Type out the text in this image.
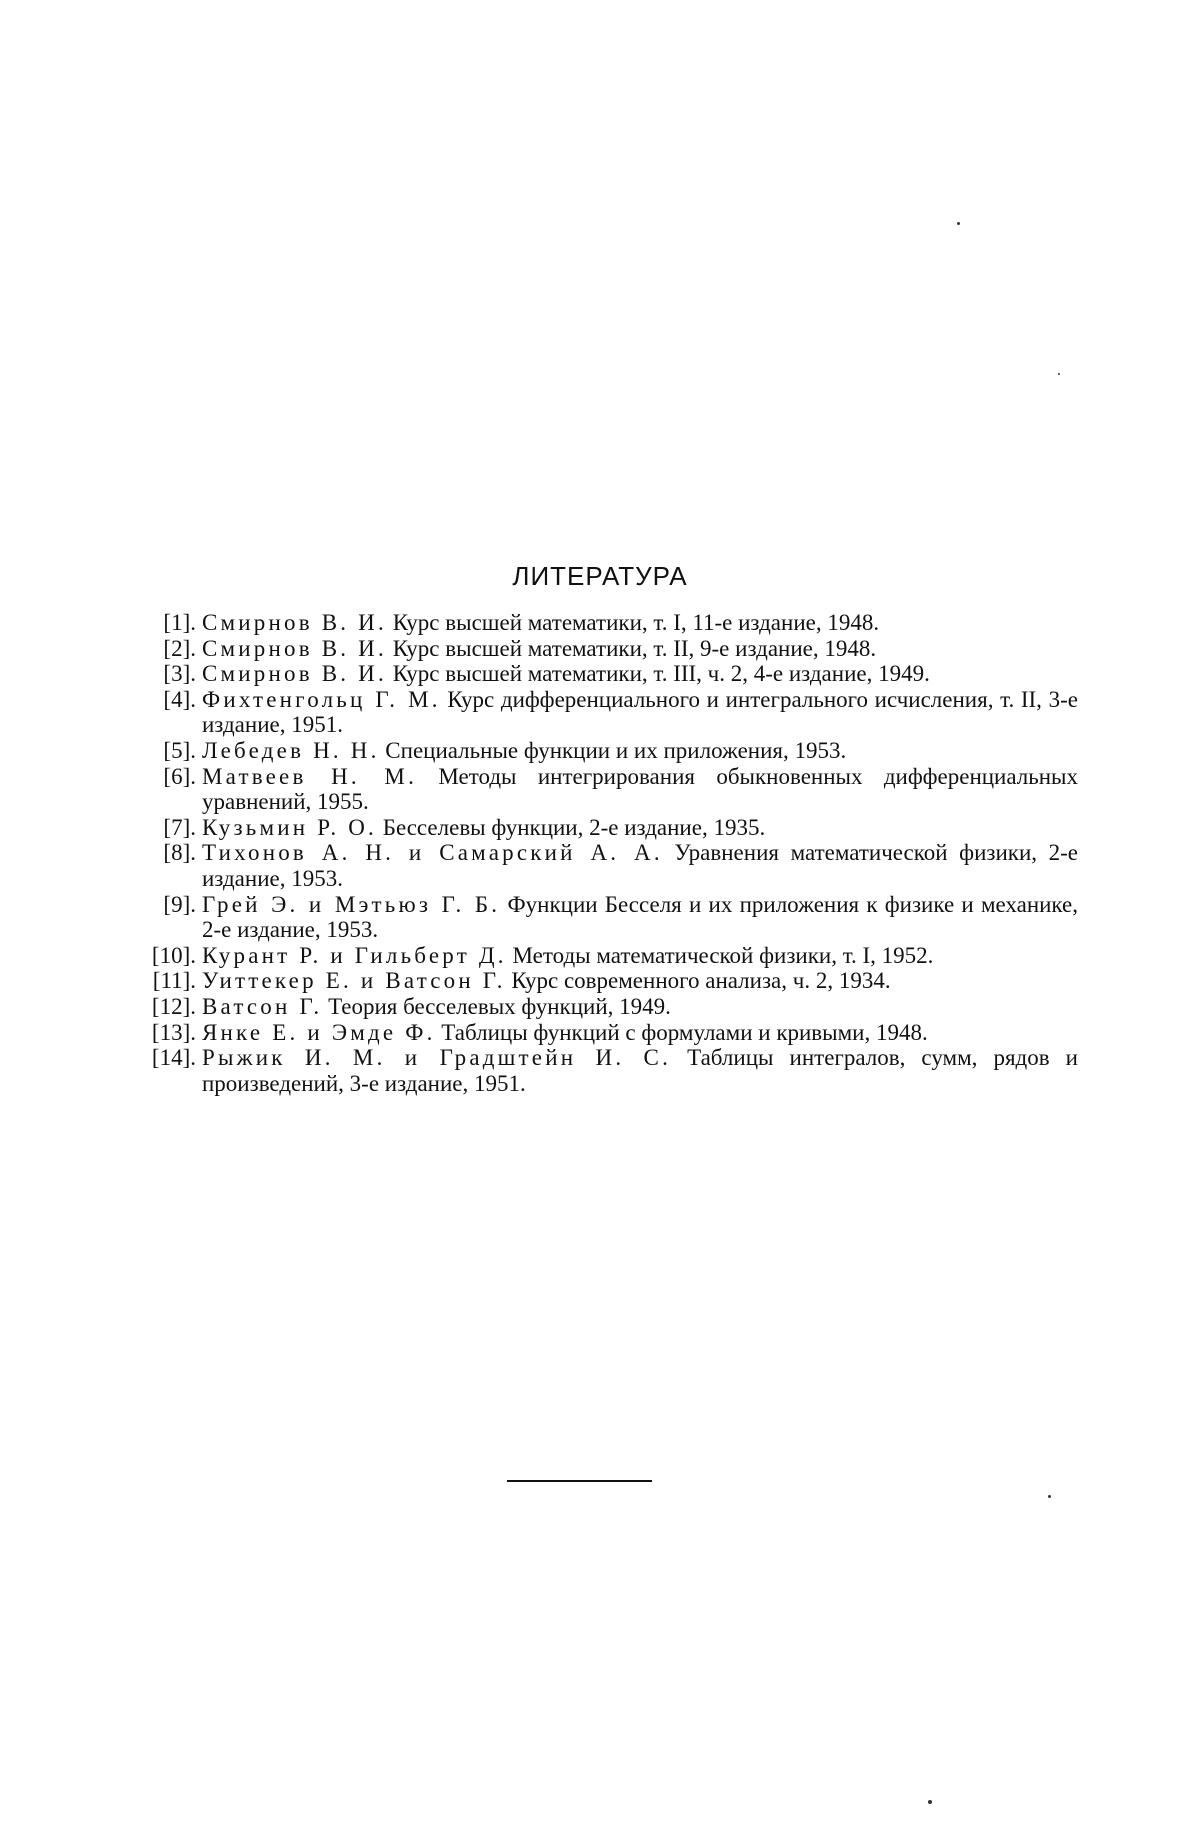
ЛИТЕРАТУРА
[1]. Смирнов В. И. Курс высшей математики, т. I, 11-е издание, 1948.
[2]. Смирнов В. И. Курс высшей математики, т. II, 9-е издание, 1948.
[3]. Смирнов В. И. Курс высшей математики, т. III, ч. 2, 4-е издание, 1949.
[4]. Фихтенгольц Г. М. Курс дифференциального и интегрального исчисления, т. II, 3-е издание, 1951.
[5]. Лебедев Н. Н. Специальные функции и их приложения, 1953.
[6]. Матвеев Н. М. Методы интегрирования обыкновенных дифференциальных уравнений, 1955.
[7]. Кузьмин Р. О. Бесселевы функции, 2-е издание, 1935.
[8]. Тихонов А. Н. и Самарский А. А. Уравнения математической физики, 2-е издание, 1953.
[9]. Грей Э. и Мэтьюз Г. Б. Функции Бесселя и их приложения к физике и механике, 2-е издание, 1953.
[10]. Курант Р. и Гильберт Д. Методы математической физики, т. I, 1952.
[11]. Уиттекер Е. и Ватсон Г. Курс современного анализа, ч. 2, 1934.
[12]. Ватсон Г. Теория бесселевых функций, 1949.
[13]. Янке Е. и Эмде Ф. Таблицы функций с формулами и кривыми, 1948.
[14]. Рыжик И. М. и Градштейн И. С. Таблицы интегралов, сумм, рядов и произведений, 3-е издание, 1951.
